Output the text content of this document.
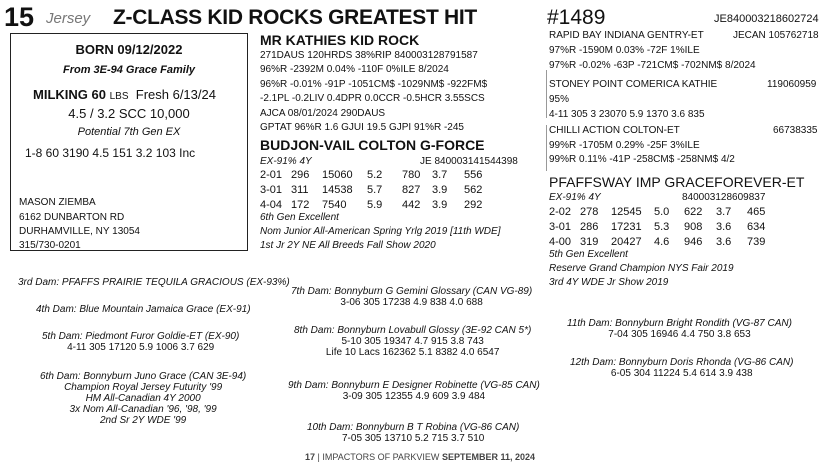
15 Jersey Z-CLASS KID ROCKS GREATEST HIT	#1489	JE840003218602724
BORN 09/12/2022
From 3E-94 Grace Family
MILKING 60 LBS Fresh 6/13/24
4.5 / 3.2 SCC 10,000
Potential 7th Gen EX
1-8 60 3190 4.5 151 3.2 103 Inc
MASON ZIEMBA
6162 DUNBARTON RD
DURHAMVILLE, NY 13054
315/730-0201
MR KATHIES KID ROCK
271DAUS 120HRDS 38%RIP 840003128791587
96%R -2392M 0.04% -110F 0%ILE 8/2024
96%R -0.01% -91P -1051CM$ -1029NM$ -922FM$
-2.1PL -0.2LIV 0.4DPR 0.0CCR -0.5HCR 3.55SCS
AJCA 08/01/2024 290DAUS
GPTAT 96%R 1.6 GJUI 19.5 GJPI 91%R -245
BUDJON-VAIL COLTON G-FORCE
EX-91% 4Y	JE 840003141544398
2-01 296 15060 5.2 780 3.7 556
3-01 311 14538 5.7 827 3.9 562
4-04 172 7540 5.9 442 3.9 292
6th Gen Excellent
Nom Junior All-American Spring Yrlg 2019 [11th WDE]
1st Jr 2Y NE All Breeds Fall Show 2020
RAPID BAY INDIANA GENTRY-ET	JECAN 105762718
97%R -1590M 0.03% -72F 1%ILE
97%R -0.02% -63P -721CM$ -702NM$ 8/2024
STONEY POINT COMERICA KATHIE	119060959
95%
4-11 305 3 23070 5.9 1370 3.6 835
CHILLI ACTION COLTON-ET	66738335
99%R -1705M 0.29% -25F 3%ILE
99%R 0.11% -41P -258CM$ -258NM$ 4/2
PFAFFSWAY IMP GRACEFOREVER-ET
EX-91% 4Y	840003128609837
2-02 278 12545 5.0 622 3.7 465
3-01 286 17231 5.3 908 3.6 634
4-00 319 20427 4.6 946 3.6 739
5th Gen Excellent
Reserve Grand Champion NYS Fair 2019
3rd 4Y WDE Jr Show 2019
3rd Dam: PFAFFS PRAIRIE TEQUILA GRACIOUS (EX-93%)
4th Dam: Blue Mountain Jamaica Grace (EX-91)
5th Dam: Piedmont Furor Goldie-ET (EX-90)
4-11 305 17120 5.9 1006 3.7 629
6th Dam: Bonnyburn Juno Grace (CAN 3E-94)
Champion Royal Jersey Futurity '99
HM All-Canadian 4Y 2000
3x Nom All-Canadian '96, '98, '99
2nd Sr 2Y WDE '99
7th Dam: Bonnyburn G Gemini Glossary (CAN VG-89)
3-06 305 17238 4.9 838 4.0 688
8th Dam: Bonnyburn Lovabull Glossy (3E-92 CAN 5*)
5-10 305 19347 4.7 915 3.8 743
Life 10 Lacs 162362 5.1 8382 4.0 6547
9th Dam: Bonnyburn E Designer Robinette (VG-85 CAN)
3-09 305 12355 4.9 609 3.9 484
10th Dam: Bonnyburn B T Robina (VG-86 CAN)
7-05 305 13710 5.2 715 3.7 510
11th Dam: Bonnyburn Bright Rondith (VG-87 CAN)
7-04 305 16946 4.4 750 3.8 653
12th Dam: Bonnyburn Doris Rhonda (VG-86 CAN)
6-05 304 11224 5.4 614 3.9 438
17 | IMPACTORS OF PARKVIEW SEPTEMBER 11, 2024
